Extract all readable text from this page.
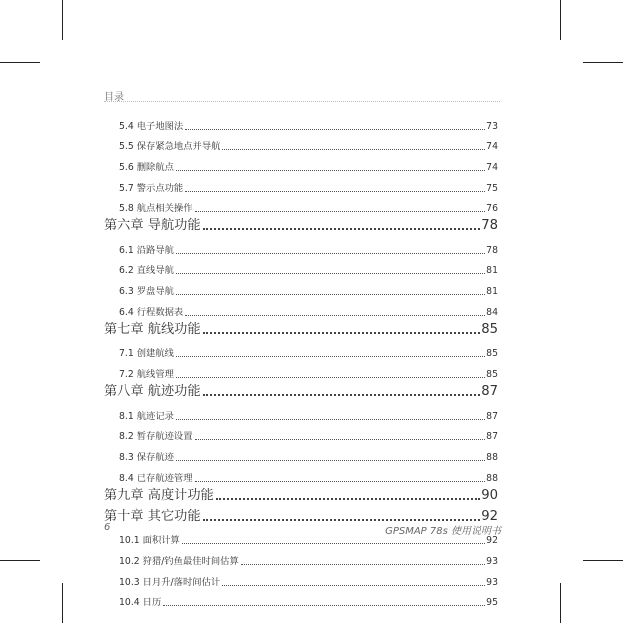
目录
5.4 电子地图法	73
5.5 保存紧急地点并导航	74
5.6 删除航点	74
5.7 警示点功能	75
5.8 航点相关操作	76
第六章 导航功能	78
6.1 沿路导航	78
6.2 直线导航	81
6.3 罗盘导航	81
6.4 行程数据表	84
第七章 航线功能	85
7.1 创建航线	85
7.2 航线管理	85
第八章 航迹功能	87
8.1 航迹记录	87
8.2 暂存航迹设置	87
8.3 保存航迹	88
8.4 已存航迹管理	88
第九章 高度计功能	90
第十章 其它功能	92
10.1 面积计算	92
10.2 狩猎/钓鱼最佳时间估算	93
10.3 日月升/落时间估计	93
10.4 日历	95
6	GPSMAP 78s 使用说明书
